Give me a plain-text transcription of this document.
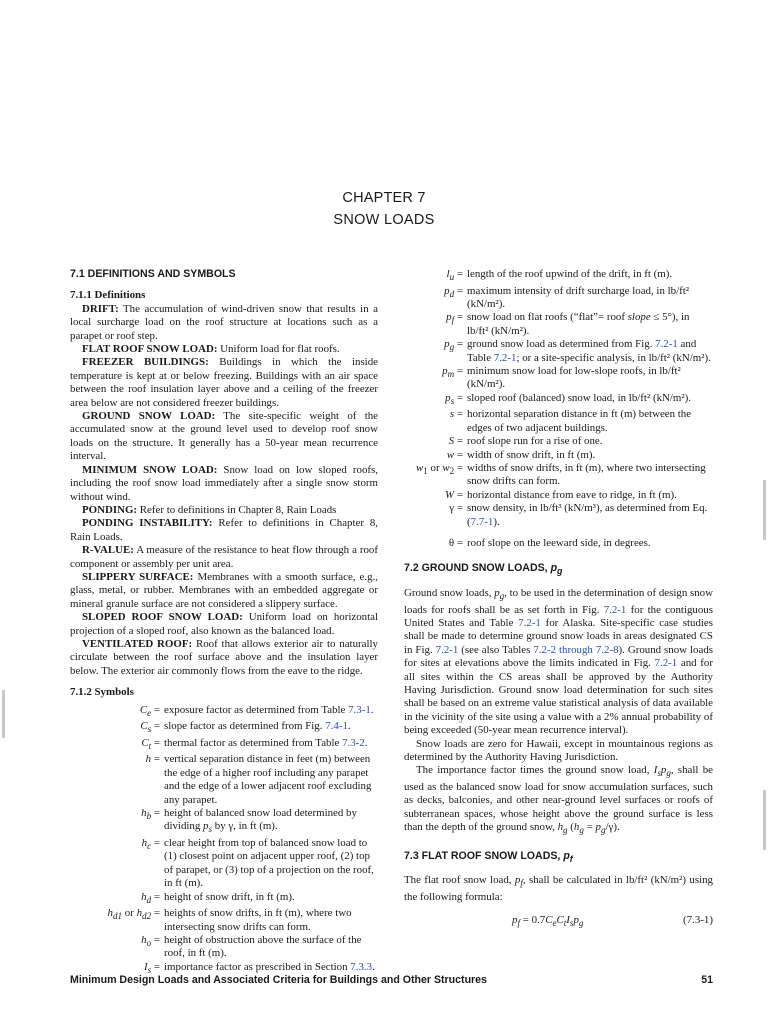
CHAPTER 7
SNOW LOADS
7.1 DEFINITIONS AND SYMBOLS
7.1.1 Definitions
DRIFT: The accumulation of wind-driven snow that results in a local surcharge load on the roof structure at locations such as a parapet or roof step.
FLAT ROOF SNOW LOAD: Uniform load for flat roofs.
FREEZER BUILDINGS: Buildings in which the inside temperature is kept at or below freezing. Buildings with an air space between the roof insulation layer above and a ceiling of the freezer area below are not considered freezer buildings.
GROUND SNOW LOAD: The site-specific weight of the accumulated snow at the ground level used to develop roof snow loads on the structure. It generally has a 50-year mean recurrence interval.
MINIMUM SNOW LOAD: Snow load on low sloped roofs, including the roof snow load immediately after a single snow storm without wind.
PONDING: Refer to definitions in Chapter 8, Rain Loads
PONDING INSTABILITY: Refer to definitions in Chapter 8, Rain Loads.
R-VALUE: A measure of the resistance to heat flow through a roof component or assembly per unit area.
SLIPPERY SURFACE: Membranes with a smooth surface, e.g., glass, metal, or rubber. Membranes with an embedded aggregate or mineral granule surface are not considered a slippery surface.
SLOPED ROOF SNOW LOAD: Uniform load on horizontal projection of a sloped roof, also known as the balanced load.
VENTILATED ROOF: Roof that allows exterior air to naturally circulate between the roof surface above and the insulation layer below. The exterior air commonly flows from the eave to the ridge.
7.1.2 Symbols
$C_e$ = exposure factor as determined from Table 7.3-1.
$C_s$ = slope factor as determined from Fig. 7.4-1.
$C_t$ = thermal factor as determined from Table 7.3-2.
h = vertical separation distance in feet (m) between the edge of a higher roof including any parapet and the edge of a lower adjacent roof excluding any parapet.
$h_b$ = height of balanced snow load determined by dividing $p_s$ by γ, in ft (m).
$h_c$ = clear height from top of balanced snow load to (1) closest point on adjacent upper roof, (2) top of parapet, or (3) top of a projection on the roof, in ft (m).
$h_d$ = height of snow drift, in ft (m).
$h_{d1}$ or $h_{d2}$ = heights of snow drifts, in ft (m), where two intersecting snow drifts can form.
$h_o$ = height of obstruction above the surface of the roof, in ft (m).
$I_s$ = importance factor as prescribed in Section 7.3.3.
$l_u$ = length of the roof upwind of the drift, in ft (m).
$p_d$ = maximum intensity of drift surcharge load, in lb/ft² (kN/m²).
$p_f$ = snow load on flat roofs (“flat”= roof slope ≤ 5°), in lb/ft² (kN/m²).
$p_g$ = ground snow load as determined from Fig. 7.2-1 and Table 7.2-1; or a site-specific analysis, in lb/ft² (kN/m²).
$p_m$ = minimum snow load for low-slope roofs, in lb/ft² (kN/m²).
$p_s$ = sloped roof (balanced) snow load, in lb/ft² (kN/m²).
s = horizontal separation distance in ft (m) between the edges of two adjacent buildings.
S = roof slope run for a rise of one.
w = width of snow drift, in ft (m).
$w_1$ or $w_2$ = widths of snow drifts, in ft (m), where two intersecting snow drifts can form.
W = horizontal distance from eave to ridge, in ft (m).
γ = snow density, in lb/ft³ (kN/m³), as determined from Eq. (7.7-1).
θ = roof slope on the leeward side, in degrees.
7.2 GROUND SNOW LOADS, $p_g$
Ground snow loads, $p_g$, to be used in the determination of design snow loads for roofs shall be as set forth in Fig. 7.2-1 for the contiguous United States and Table 7.2-1 for Alaska. Site-specific case studies shall be made to determine ground snow loads in areas designated CS in Fig. 7.2-1 (see also Tables 7.2-2 through 7.2-8). Ground snow loads for sites at elevations above the limits indicated in Fig. 7.2-1 and for all sites within the CS areas shall be approved by the Authority Having Jurisdiction. Ground snow load determination for such sites shall be based on an extreme value statistical analysis of data available in the vicinity of the site using a value with a 2% annual probability of being exceeded (50-year mean recurrence interval).
Snow loads are zero for Hawaii, except in mountainous regions as determined by the Authority Having Jurisdiction.
The importance factor times the ground snow load, $I_sp_g$, shall be used as the balanced snow load for snow accumulation surfaces, such as decks, balconies, and other near-ground level surfaces or roofs of subterranean spaces, whose height above the ground surface is less than the depth of the ground snow, $h_g$ $(h_g = p_g/\gamma)$.
7.3 FLAT ROOF SNOW LOADS, $p_f$
The flat roof snow load, $p_f$, shall be calculated in lb/ft² (kN/m²) using the following formula:
$p_f = 0.7C_eC_tI_sp_g$	(7.3-1)
Minimum Design Loads and Associated Criteria for Buildings and Other Structures	51
